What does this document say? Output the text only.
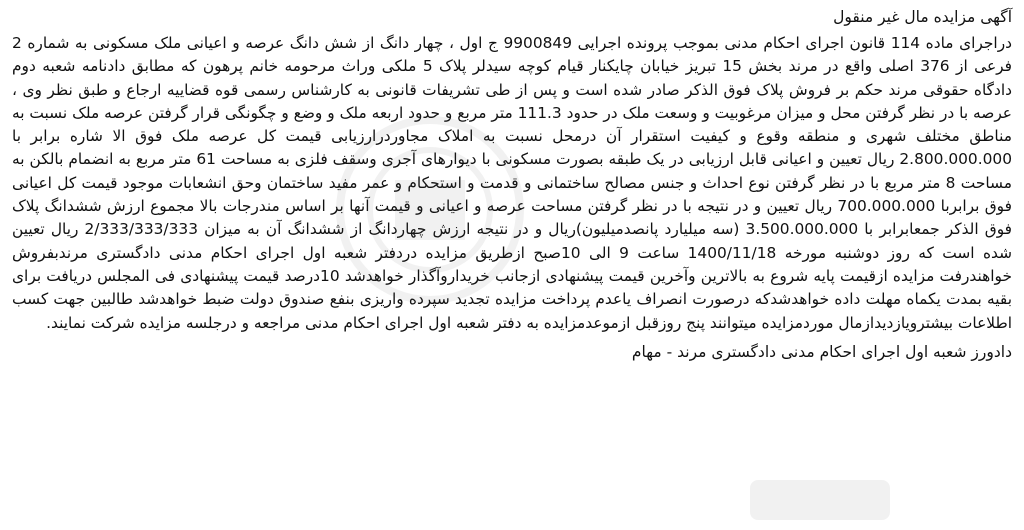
آگهی مزایده مال غیر منقول

دراجرای ماده 114 قانون اجرای احکام مدنی بموجب پرونده اجرایی 9900849 ج اول ، چهار دانگ از شش دانگ عرصه و اعیانی ملک مسکونی به شماره 2 فرعی از 376 اصلی واقع در مرند بخش 15 تبریز خیابان چایکنار قیام کوچه سیدلر پلاک 5 ملکی وراث مرحومه خانم پرهون که مطابق دادنامه شعبه دوم دادگاه حقوقی مرند حکم بر فروش پلاک فوق الذکر صادر شده است و پس از طی تشریفات قانونی به کارشناس رسمی قوه قضاییه ارجاع و طبق نظر وی ، عرصه با در نظر گرفتن محل و میزان مرغوبیت و وسعت ملک در حدود 111.3 متر مربع و حدود اربعه ملک و وضع و چگونگی قرار گرفتن عرصه ملک نسبت به مناطق مختلف شهری و منطقه وقوع و کیفیت استقرار آن درمحل نسبت به املاک مجاوردرارزیابی قیمت کل عرصه ملک فوق الا شاره برابر با 2.800.000.000 ریال تعیین و اعیانی قابل ارزیابی در یک طبقه بصورت مسکونی با دیوارهای آجری وسقف فلزی به مساحت 61 متر مربع به انضمام بالکن به مساحت 8 متر مربع با در نظر گرفتن نوع احداث و جنس مصالح ساختمانی و قدمت و استحکام و عمر مفید ساختمان وحق انشعابات موجود قیمت کل اعیانی فوق برابربا 700.000.000 ریال تعیین و در نتیجه با در نظر گرفتن مساحت عرصه و اعیانی و قیمت آنها بر اساس مندرجات بالا مجموع ارزش ششدانگ پلاک فوق الذکر جمعابرابر با 3.500.000.000 (سه میلیارد پانصدمیلیون)ریال و در نتیجه ارزش چهاردانگ از ششدانگ آن به میزان 2/333/333/333 ریال تعیین شده است که روز دوشنبه مورخه 1400/11/18 ساعت 9 الی 10صبح ازطریق مزایده دردفتر شعبه اول اجرای احکام مدنی دادگستری مرندبفروش خواهندرفت مزایده ازقیمت پایه شروع به بالاترین وآخرین قیمت پیشنهادی ازجانب خریداروآگذار خواهدشد 10درصد قیمت پیشنهادی فی المجلس دریافت برای بقیه بمدت یکماه مهلت داده خواهدشدکه درصورت انصراف یاعدم پرداخت مزایده تجدید سپرده واریزی بنفع صندوق دولت ضبط خواهدشد طالبین جهت کسب اطلاعات بیشترویازدیدازمال موردمزایده میتوانند پنج روزقبل ازموعدمزایده به دفتر شعبه اول اجرای احکام مدنی مراجعه و درجلسه مزایده شرکت نمایند.

دادورز شعبه اول اجرای احکام مدنی دادگستری مرند - مهام
